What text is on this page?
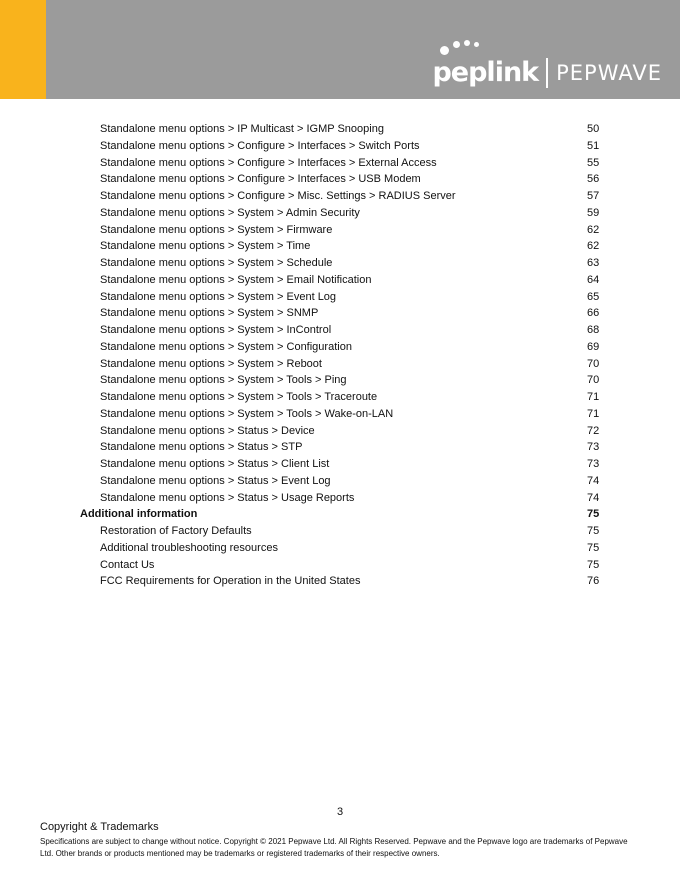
peplink PEPWAVE
Standalone menu options > IP Multicast > IGMP Snooping	50
Standalone menu options > Configure > Interfaces > Switch Ports	51
Standalone menu options > Configure > Interfaces > External Access	55
Standalone menu options > Configure > Interfaces > USB Modem	56
Standalone menu options > Configure > Misc. Settings > RADIUS Server	57
Standalone menu options > System > Admin Security	59
Standalone menu options > System > Firmware	62
Standalone menu options > System > Time	62
Standalone menu options > System > Schedule	63
Standalone menu options > System > Email Notification	64
Standalone menu options > System > Event Log	65
Standalone menu options > System > SNMP	66
Standalone menu options > System > InControl	68
Standalone menu options > System > Configuration	69
Standalone menu options > System > Reboot	70
Standalone menu options > System > Tools > Ping	70
Standalone menu options > System > Tools > Traceroute	71
Standalone menu options > System > Tools > Wake-on-LAN	71
Standalone menu options > Status > Device	72
Standalone menu options > Status > STP	73
Standalone menu options > Status > Client List	73
Standalone menu options > Status > Event Log	74
Standalone menu options > Status > Usage Reports	74
Additional information	75
Restoration of Factory Defaults	75
Additional troubleshooting resources	75
Contact Us	75
FCC Requirements for Operation in the United States	76
3
Copyright & Trademarks
Specifications are subject to change without notice. Copyright © 2021 Pepwave Ltd. All Rights Reserved. Pepwave and the Pepwave logo are trademarks of Pepwave Ltd. Other brands or products mentioned may be trademarks or registered trademarks of their respective owners.
